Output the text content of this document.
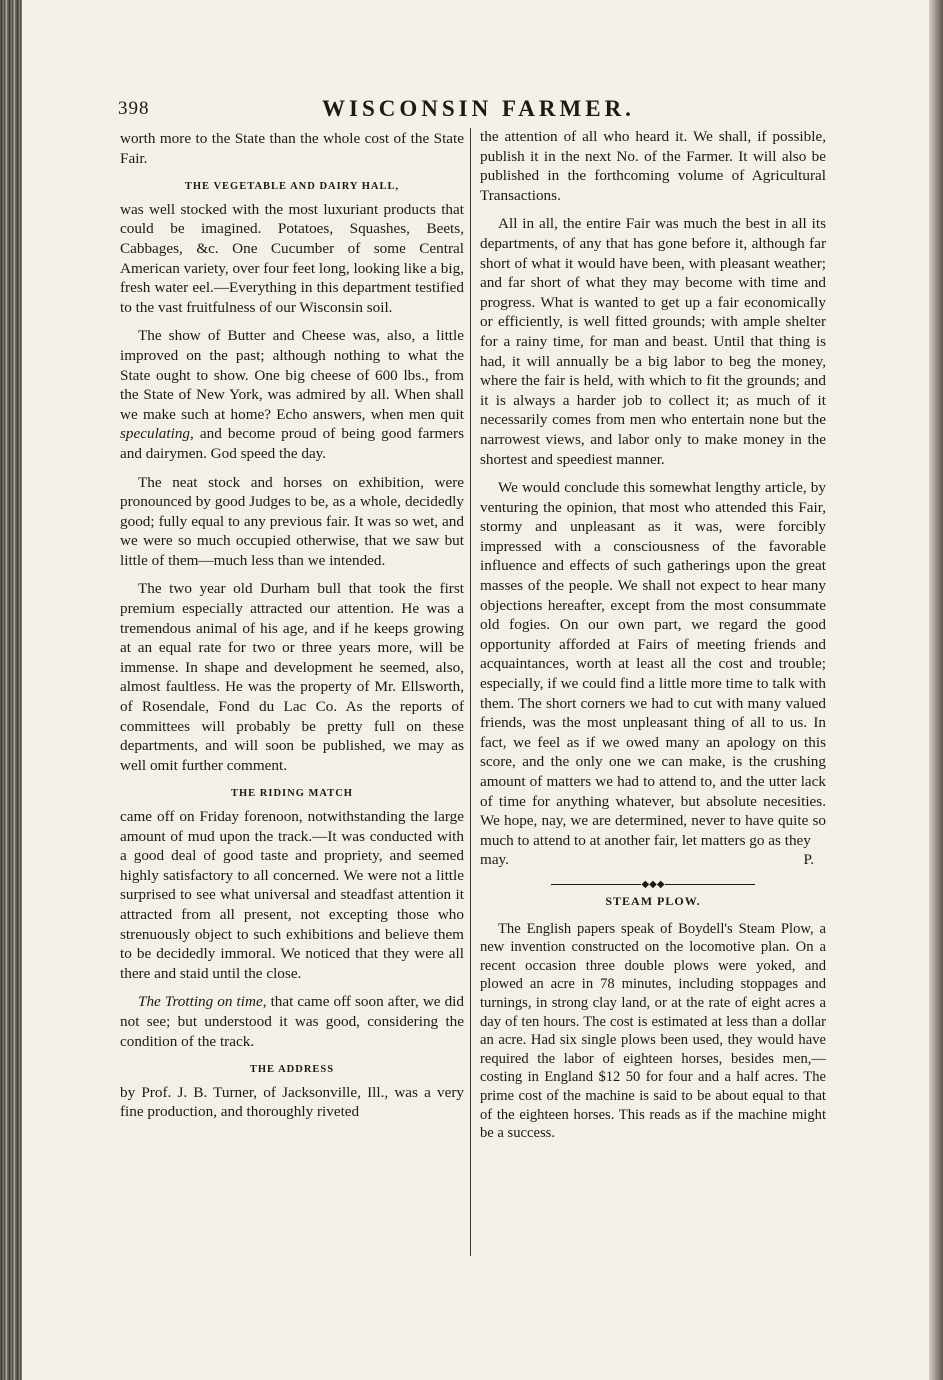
398	WISCONSIN FARMER.

worth more to the State than the whole cost of the State Fair.

THE VEGETABLE AND DAIRY HALL,

was well stocked with the most luxuriant products that could be imagined. Potatoes, Squashes, Beets, Cabbages, &c. One Cucumber of some Central American variety, over four feet long, looking like a big, fresh water eel.—Everything in this department testified to the vast fruitfulness of our Wisconsin soil.

The show of Butter and Cheese was, also, a little improved on the past; although nothing to what the State ought to show. One big cheese of 600 lbs., from the State of New York, was admired by all. When shall we make such at home? Echo answers, when men quit speculating, and become proud of being good farmers and dairymen. God speed the day.

The neat stock and horses on exhibition, were pronounced by good Judges to be, as a whole, decidedly good; fully equal to any previous fair. It was so wet, and we were so much occupied otherwise, that we saw but little of them—much less than we intended.

The two year old Durham bull that took the first premium especially attracted our attention. He was a tremendous animal of his age, and if he keeps growing at an equal rate for two or three years more, will be immense. In shape and development he seemed, also, almost faultless. He was the property of Mr. Ellsworth, of Rosendale, Fond du Lac Co. As the reports of committees will probably be pretty full on these departments, and will soon be published, we may as well omit further comment.

THE RIDING MATCH

came off on Friday forenoon, notwithstanding the large amount of mud upon the track.—It was conducted with a good deal of good taste and propriety, and seemed highly satisfactory to all concerned. We were not a little surprised to see what universal and steadfast attention it attracted from all present, not excepting those who strenuously object to such exhibitions and believe them to be decidedly immoral. We noticed that they were all there and staid until the close.

The Trotting on time, that came off soon after, we did not see; but understood it was good, considering the condition of the track.

THE ADDRESS

by Prof. J. B. Turner, of Jacksonville, Ill., was a very fine production, and thoroughly riveted

the attention of all who heard it. We shall, if possible, publish it in the next No. of the Farmer. It will also be published in the forthcoming volume of Agricultural Transactions.

All in all, the entire Fair was much the best in all its departments, of any that has gone before it, although far short of what it would have been, with pleasant weather; and far short of what they may become with time and progress. What is wanted to get up a fair economically or efficiently, is well fitted grounds; with ample shelter for a rainy time, for man and beast. Until that thing is had, it will annually be a big labor to beg the money, where the fair is held, with which to fit the grounds; and it is always a harder job to collect it; as much of it necessarily comes from men who entertain none but the narrowest views, and labor only to make money in the shortest and speediest manner.

We would conclude this somewhat lengthy article, by venturing the opinion, that most who attended this Fair, stormy and unpleasant as it was, were forcibly impressed with a consciousness of the favorable influence and effects of such gatherings upon the great masses of the people. We shall not expect to hear many objections hereafter, except from the most consummate old fogies. On our own part, we regard the good opportunity afforded at Fairs of meeting friends and acquaintances, worth at least all the cost and trouble; especially, if we could find a little more time to talk with them. The short corners we had to cut with many valued friends, was the most unpleasant thing of all to us. In fact, we feel as if we owed many an apology on this score, and the only one we can make, is the crushing amount of matters we had to attend to, and the utter lack of time for anything whatever, but absolute necesities. We hope, nay, we are determined, never to have quite so much to attend to at another fair, let matters go as they

may.	P.
◆◆◆
STEAM PLOW.

The English papers speak of Boydell's Steam Plow, a new invention constructed on the locomotive plan. On a recent occasion three double plows were yoked, and plowed an acre in 78 minutes, including stoppages and turnings, in strong clay land, or at the rate of eight acres a day of ten hours. The cost is estimated at less than a dollar an acre. Had six single plows been used, they would have required the labor of eighteen horses, besides men,—costing in England $12 50 for four and a half acres. The prime cost of the machine is said to be about equal to that of the eighteen horses. This reads as if the machine might be a success.
